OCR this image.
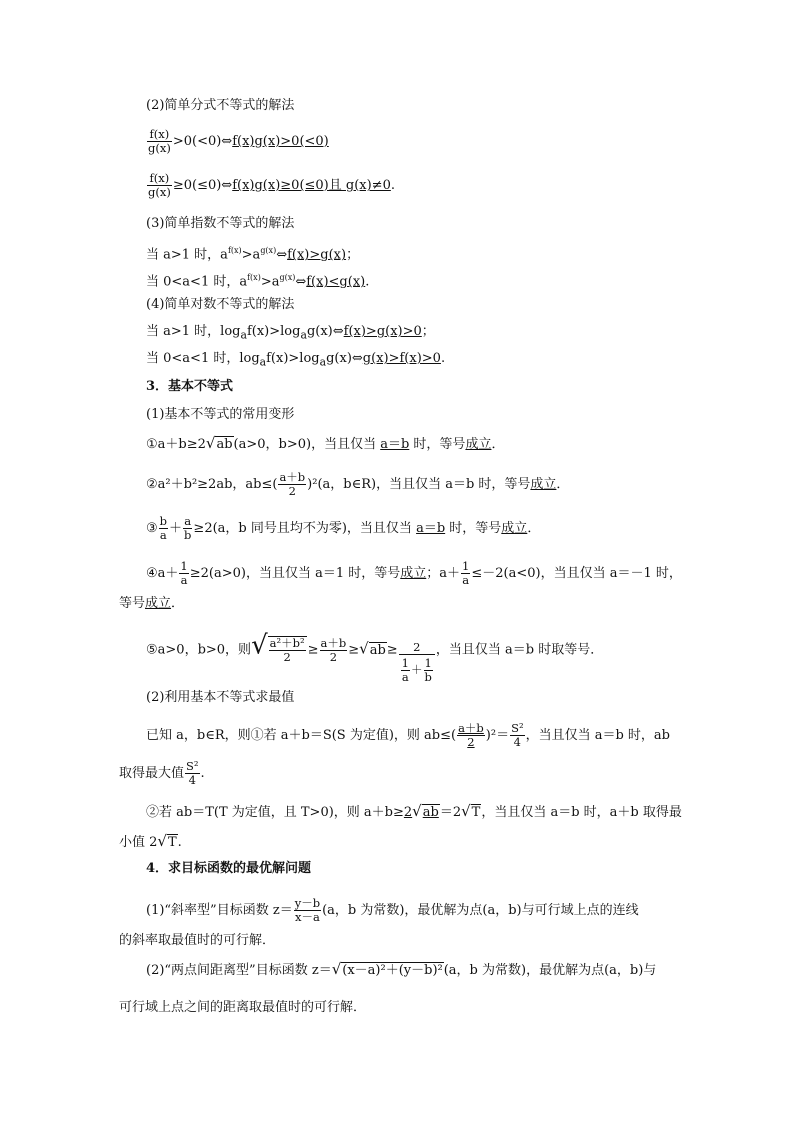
(2)简单分式不等式的解法
$\frac{f(x)}{g(x)}$ >0(<0)⇔f(x)g(x)>0(<0)
$\frac{f(x)}{g(x)}$ ≥0(≤0)⇔f(x)g(x)≥0(≤0)且 g(x)≠0.
(3)简单指数不等式的解法
当 a>1 时，$a^{f(x)}>a^{g(x)}\Leftrightarrow f(x)>g(x)$；
当 0<a<1 时，$a^{f(x)}>a^{g(x)}\Leftrightarrow f(x)<g(x)$.
(4)简单对数不等式的解法
当 a>1 时，$\log_af(x)>\log_ag(x)\Leftrightarrow f(x)>g(x)>0$；
当 0<a<1 时，$\log_af(x)>\log_ag(x)\Leftrightarrow g(x)>f(x)>0$.
3．基本不等式
(1)基本不等式的常用变形
①a＋b≥2√ab(a>0，b>0)，当且仅当 a＝b 时，等号成立．
②a²＋b²≥2ab，$ab\le( \frac{a+b}{2} )^2(a$，b∈R)，当且仅当 a＝b 时，等号成立．
③ $\frac{b}{a} + \frac{a}{b} \ge 2(a$，b 同号且均不为零)，当且仅当 a＝b 时，等号成立．
④a＋ $\frac{1}{a} \ge 2(a>0)$，当且仅当 a＝1 时，等号成立；$a+ \frac{1}{a} \le-2(a<0)$，当且仅当 a＝－1 时，
等号成立．
⑤a>0，b>0，则√ $\frac{\text{a²＋b²}}{2} \ge \frac{a+b}{2} \ge√ab\ge \frac{2}{\frac{1}{a} + \frac{1}{b}}$ ，当且仅当 a＝b 时取等号．
(2)利用基本不等式求最值
已知 a，b∈R，则①若 a＋b＝S(S 为定值)，则 $ab\le( \frac{a+b}{2} )^2= \frac{\text{S²}}{4}$ ，当且仅当 a＝b 时，ab
取得最大值 $\frac{\text{S²}}{4}$ .
②若 ab＝T(T 为定值，且 T>0)，则 a＋b≥2√ab＝2√T，当且仅当 a＝b 时，a＋b 取得最
小值 2√T.
4．求目标函数的最优解问题
(1)“斜率型”目标函数 $z= \frac{y-b}{x-a} (a$，b 为常数)，最优解为点(a，b)与可行域上点的连线
的斜率取最值时的可行解．
(2)“两点间距离型”目标函数 z＝√(x－a)²＋(y－b)²(a，b 为常数)，最优解为点(a，b)与
可行域上点之间的距离取最值时的可行解．
